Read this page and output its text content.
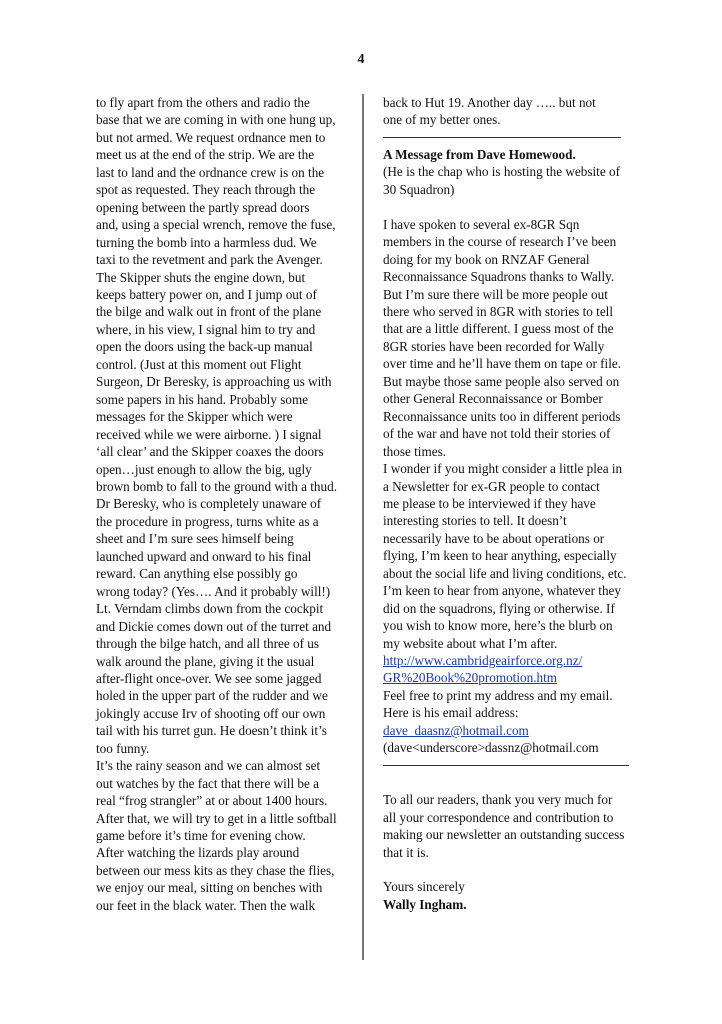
4
to fly apart from the others and radio the
base that we are coming in with one hung up,
but not armed. We request ordnance men to
meet us at the end of the strip. We are the
last to land and the ordnance crew is on the
spot as requested. They reach through the
opening between the partly spread doors
and, using a special wrench, remove the fuse,
turning the bomb into a harmless dud. We
taxi to the revetment and park the Avenger.
The Skipper shuts the engine down, but
keeps battery power on, and I jump out of
the bilge and walk out in front of the plane
where, in his view, I signal him to try and
open the doors using the back-up manual
control. (Just at this moment out Flight
Surgeon, Dr Beresky, is approaching us with
some papers in his hand. Probably some
messages for the Skipper which were
received while we were airborne. ) I signal
‘all clear’ and the Skipper coaxes the doors
open…just enough to allow the big, ugly
brown bomb to fall to the ground with a thud.
Dr Beresky, who is completely unaware of
the procedure in progress, turns white as a
sheet and I’m sure sees himself being
launched upward and onward to his final
reward. Can anything else possibly go
wrong today? (Yes…. And it probably will!)
Lt. Verndam climbs down from the cockpit
and Dickie comes down out of the turret and
through the bilge hatch, and all three of us
walk around the plane, giving it the usual
after-flight once-over. We see some jagged
holed in the upper part of the rudder and we
jokingly accuse Irv of shooting off our own
tail with his turret gun. He doesn’t think it’s
too funny.
It’s the rainy season and we can almost set
out watches by the fact that there will be a
real “frog strangler” at or about 1400 hours.
After that, we will try to get in a little softball
game before it’s time for evening chow.
After watching the lizards play around
between our mess kits as they chase the flies,
we enjoy our meal, sitting on benches with
our feet in the black water. Then the walk
back to Hut 19. Another day ….. but not
one of my better ones.
A Message from Dave Homewood.
(He is the chap who is hosting the website of
30 Squadron)
I have spoken to several ex-8GR Sqn
members in the course of research I’ve been
doing for my book on RNZAF General
Reconnaissance Squadrons thanks to Wally.
But I’m sure there will be more people out
there who served in 8GR with stories to tell
that are a little different. I guess most of the
8GR stories have been recorded for Wally
over time and he’ll have them on tape or file.
But maybe those same people also served on
other General Reconnaissance or Bomber
Reconnaissance units too in different periods
of the war and have not told their stories of
those times.
I wonder if you might consider a little plea in
a Newsletter for ex-GR people to contact
me please to be interviewed if they have
interesting stories to tell. It doesn’t
necessarily have to be about operations or
flying, I’m keen to hear anything, especially
about the social life and living conditions, etc.
I’m keen to hear from anyone, whatever they
did on the squadrons, flying or otherwise. If
you wish to know more, here’s the blurb on
my website about what I’m after.
http://www.cambridgeairforce.org.nz/
GR%20Book%20promotion.htm
Feel free to print my address and my email.
Here is his email address:
dave_daasnz@hotmail.com
(dave<underscore>dassnz@hotmail.com
To all our readers, thank you very much for
all your correspondence and contribution to
making our newsletter an outstanding success
that it is.
Yours sincerely
Wally Ingham.
